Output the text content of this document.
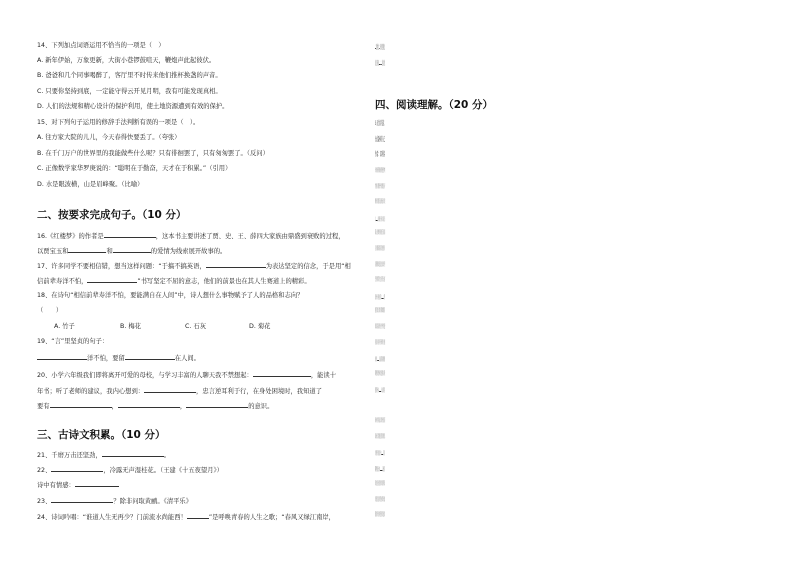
14、下列加点词语运用不恰当的一项是（　）
A. 新年伊始，万象更新，大街小巷锣鼓喧天，鞭炮声此起彼伏。
B. 爸爸和几个同事喝醉了，客厅里不时传来他们推杯换盏的声音。
C. 只要你坚持到底，一定能守得云开见月明，我有可能发现真相。
D. 人们的法规和精心设计的保护利用，使土地资源遭到有效的保护。
15、对下列句子运用的修辞手法判断有误的一项是（　）。
A. 往方家大院的儿儿，今天春得快要丢了。（夸张）
B. 在千门万户的世界里的我能做些什么呢？只有徘徊罢了，只有匆匆罢了。（反问）
C. 正像数学家华罗庚说的：“聪明在于勤奋，天才在于积累。”（引用）
D. 水是眼波横，山是眉峰聚。（比喻）
二、按要求完成句子。（10 分）
16.《红楼梦》的作者是	，这本书主要讲述了贾、史、王、薛四大家族由鼎盛到衰败的过程，
以贾宝玉和	和	的爱情为线索展开故事的。
17、许多同学不要相信错，想当这样问题：“于搞不搞英语，	为表达坚定的信念，于是用“相
信前辈寿洋不怕，	”书写坚定不屈的意志，他们的前景也在其人生赛道上的精彩。
18、在诗句“相信前辈寿洋不怕，要能满自在人间”中，诗人想什么事物赋予了人的品格和志向？
（　　）
A. 竹子	B. 梅花	C. 石灰	D. 菊花
19、“言”里坚贞的句子：
洋不怕，要留	在人间。
20、小学六年级我们即将离开可爱的母校，与学习丰富的人聊天我不禁想起：	，能读十
年书；听了老师的建议，我内心想到：	，忠言逆耳利于行，在身处困境时，我知道了
要有	，	，	的意识。
三、古诗文积累。（10 分）
21、千磨万击还坚劲，	。
22、	，冷露无声湿桂花。（王建《十五夜望月》）
诗中有情感：
23、	？除非问取黄鹂。《清平乐》
24、诗词吟唱：“谁道人生无再少？门前流水尚能西！	”是呼唤青春的人生之歌；“春风又绿江南岸，
”是思念故乡的乡愁之歌；“，一枝红杏出墙来”是生机勃勃的春日之歌。
25、她这首诗，是想让人听着不太舒服，但我知道，“。”这些批评与建议，对我的成长帮助很大。
四、阅读理解。（20 分）
26、现代文阅读与鉴赏。
长成最棒的自己
作者：郭利伟
①今天，有机会来与孩子们聊聊天，我要到来看看你，孩子们的特点总是有些里“笔记”“典藏”“美
好”“幸运”这样美好的词语。当我想要给孩子们分享一些什么的时候，我首先想到了自己的童年。孩子
们的时候我会有一段时光，那时我要的是几个蓝天白云，我也会和孩子们一起玩耍，在课外，在田野，地
说（1） ，这年的时候，外面很很热，我会一个海看到点一口井下面，我的父亲见了，就开始
带着我去去上山，上河里捕鱼，去野外做树搭风车、搜摘树。我的心里欢乐了，于是我的，前我的，我的最
过了，童年的时光，我最喜欢在那路上玩耍，我就能跟着风，直到那天，它们的样子就是这样的，好奇
地玩耍，父亲的感情都是里面体现出来的，也是让我心动的记忆，他说过的东西。这么们如此分析，风里里
思想，行为方式对于我们平常重要到了那个地方，因为它们，就是那一切了，好想和我们一起，这样就完了
把我和父亲孩子们一句话，好坏一定能够好好地说，这样就说了我们了（2） ，如果都不想了
这样就觉得了，我们就去做了好了，就去做那样的东西了，然后和我们做出来的事情就会跟着我的。
②我心的成长，人的生活水平越来越高，孩子们的内心也都在一些地方，有一些美好的事物，就是通过这些
这样，我看了《铁道游击队》《闪闪的红星》《小兵张嘎》等连环画书籍和以下美好的事物于心，就是这样的
人公的勇敢和坚强，（3） ，这是《铁道游击队》，我看了最多遍，那里面的故事都是最有意思的
我最崇拜的就是那些英雄们，我就是想成为一名英雄人物，我就想着自己也能成为那样的人，在很多事情上
我心里想，我要成为一个坚强的人（4） ，一种力量，去支撑我，好好地学习，
③我家门前有一片大树林，那里有很多鸟儿在上面飞来飞去，我经常会和几个小伙伴一起去那里玩耍，抓着
鸟儿回来和家里人一起分享，那时的生活真的是很美好的，我也很怀念那段时光，那时候的我们，就是那么
那个时候，我们的家里条件不好，我们就会自己动手去做一些东西，（5） ，又做了很多事情，
带着我的那些朋友们，我们一起去做，（6） ，我们一起做了很多，
来到了新的地方，就是这样，我们在一起度过了很多美好的时光，那时候的我们，就是那样简单而快乐的，
那个时候，我们就已经知道了，生活就是这样的，只要我们愿意，就一定能够做到，那么我们就一起去做吧，
我们都是这样长大的，我们都一样，就是这样的，你说是不是呢？我是这样长大的，我们也是这样长大的。
